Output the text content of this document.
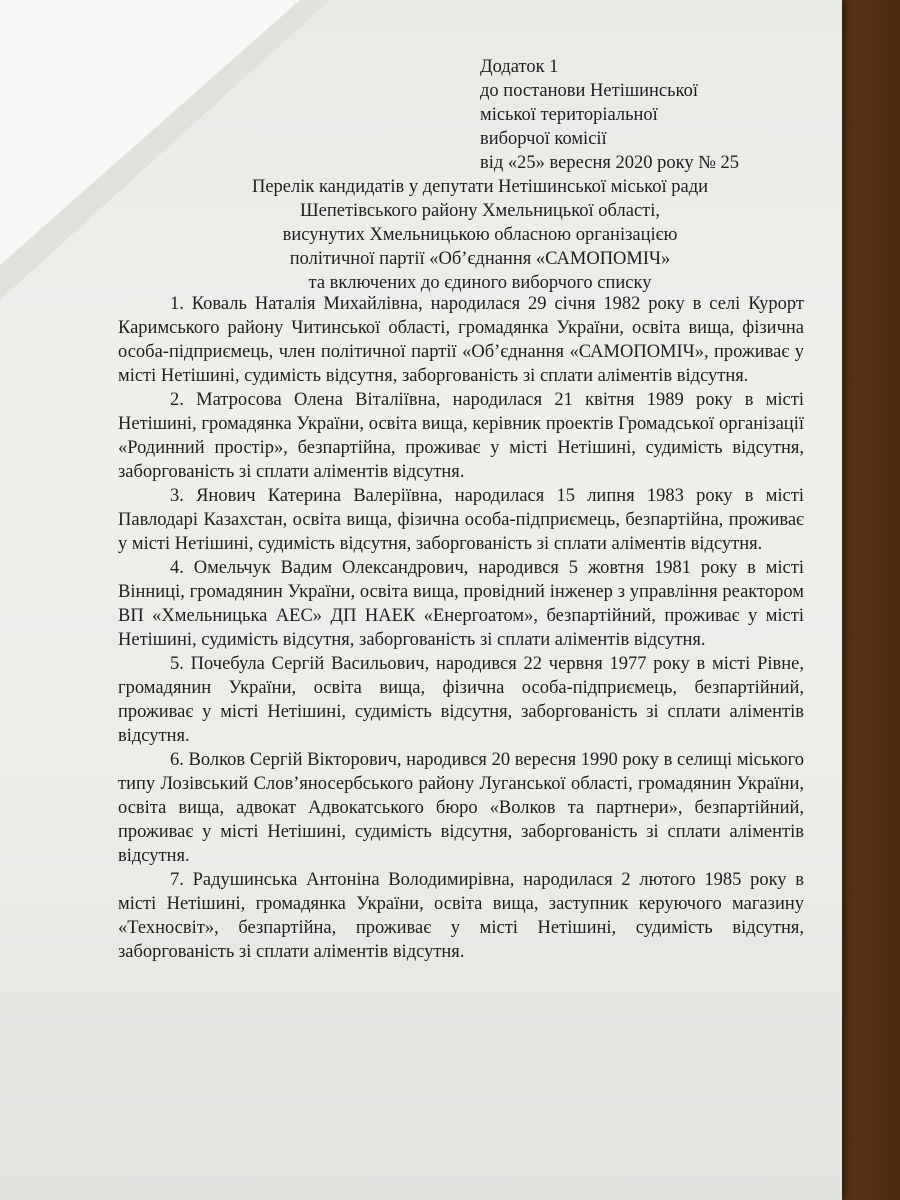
Додаток 1
до постанови Нетішинської
міської територіальної
виборчої комісії
від «25» вересня 2020 року № 25
Перелік кандидатів у депутати Нетішинської міської ради
Шепетівського району Хмельницької області,
висунутих Хмельницькою обласною організацією
політичної партії «Об’єднання «САМОПОМІЧ»
та включених до єдиного виборчого списку

1. Коваль Наталія Михайлівна, народилася 29 січня 1982 року в селі Курорт Каримського району Читинської області, громадянка України, освіта вища, фізична особа-підприємець, член політичної партії «Об’єднання «САМОПОМІЧ», проживає у місті Нетішині, судимість відсутня, заборгованість зі сплати аліментів відсутня.

2. Матросова Олена Віталіївна, народилася 21 квітня 1989 року в місті Нетішині, громадянка України, освіта вища, керівник проектів Громадської організації «Родинний простір», безпартійна, проживає у місті Нетішині, судимість відсутня, заборгованість зі сплати аліментів відсутня.

3. Янович Катерина Валеріївна, народилася 15 липня 1983 року в місті Павлодарі Казахстан, освіта вища, фізична особа-підприємець, безпартійна, проживає у місті Нетішині, судимість відсутня, заборгованість зі сплати аліментів відсутня.

4. Омельчук Вадим Олександрович, народився 5 жовтня 1981 року в місті Вінниці, громадянин України, освіта вища, провідний інженер з управління реактором ВП «Хмельницька АЕС» ДП НАЕК «Енергоатом», безпартійний, проживає у місті Нетішині, судимість відсутня, заборгованість зі сплати аліментів відсутня.

5. Почебула Сергій Васильович, народився 22 червня 1977 року в місті Рівне, громадянин України, освіта вища, фізична особа-підприємець, безпартійний, проживає у місті Нетішині, судимість відсутня, заборгованість зі сплати аліментів відсутня.

6. Волков Сергій Вікторович, народився 20 вересня 1990 року в селищі міського типу Лозівський Слов’яносербського району Луганської області, громадянин України, освіта вища, адвокат Адвокатського бюро «Волков та партнери», безпартійний, проживає у місті Нетішині, судимість відсутня, заборгованість зі сплати аліментів відсутня.

7. Радушинська Антоніна Володимирівна, народилася 2 лютого 1985 року в місті Нетішині, громадянка України, освіта вища, заступник керуючого магазину «Техносвіт», безпартійна, проживає у місті Нетішині, судимість відсутня, заборгованість зі сплати аліментів відсутня.
